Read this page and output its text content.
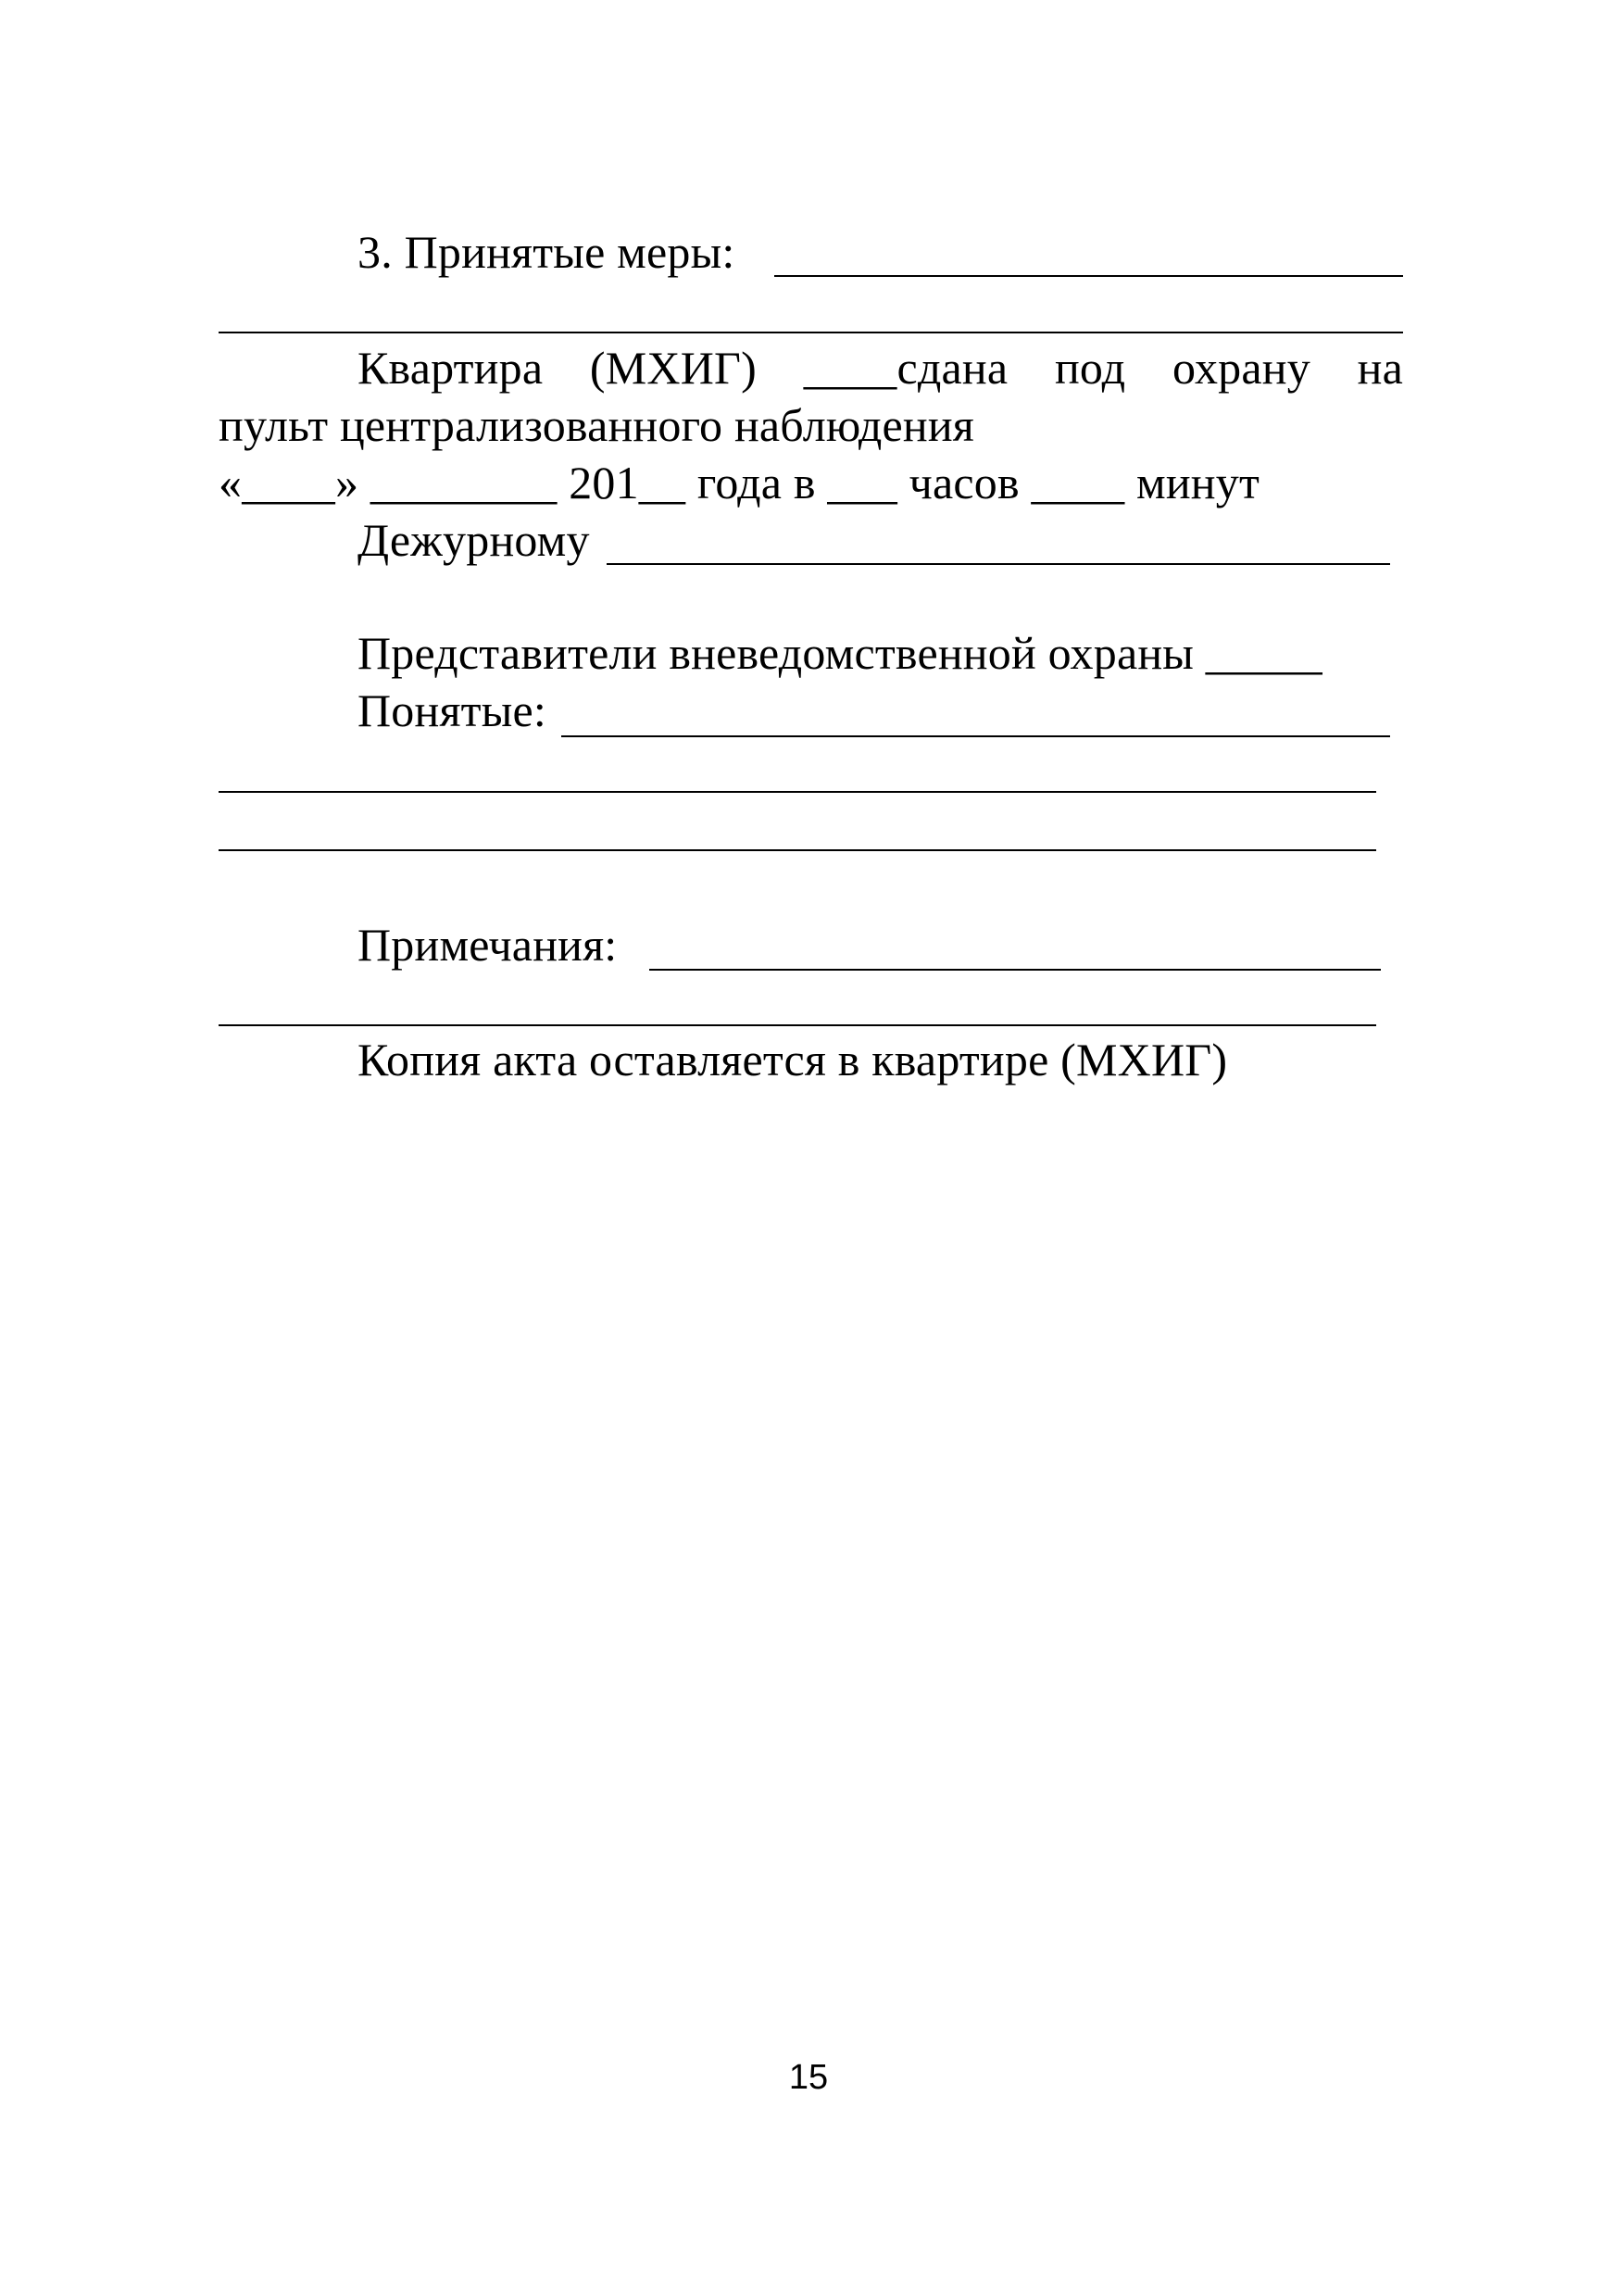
3. Принятые меры:
Квартира (МХИГ) ____сдана под охрану на
пульт централизованного наблюдения
«____» ________ 201__ года в ___ часов ____ минут
Дежурному
Представители вневедомственной охраны _____
Понятые:
Примечания:
Копия акта оставляется в квартире (МХИГ)
15
